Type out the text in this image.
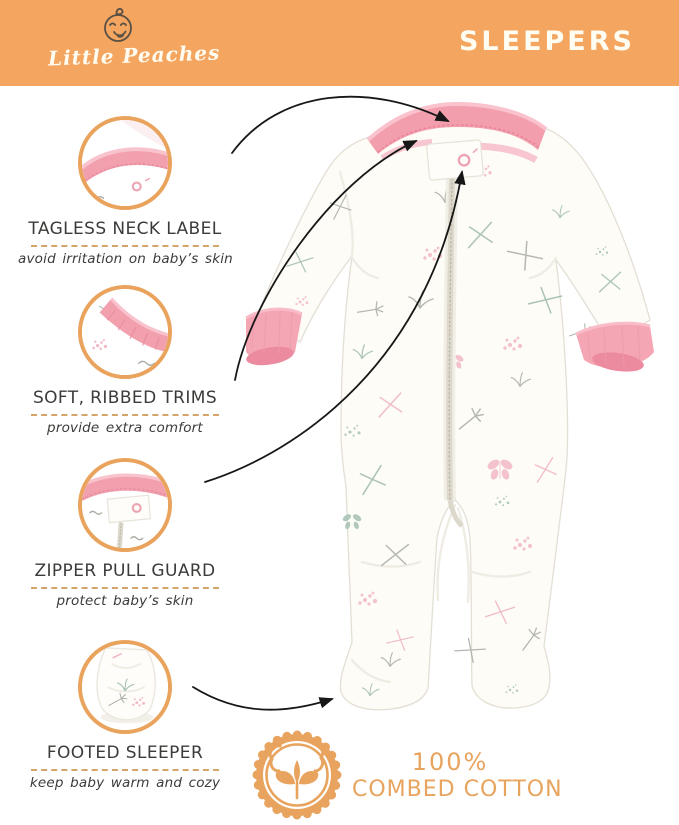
Little Peaches	SLEEPERS
TAGLESS NECK LABEL
avoid irritation on baby’s skin
SOFT, RIBBED TRIMS
provide extra comfort
ZIPPER PULL GUARD
protect baby’s skin
FOOTED SLEEPER
keep baby warm and cozy
100%
COMBED COTTON
